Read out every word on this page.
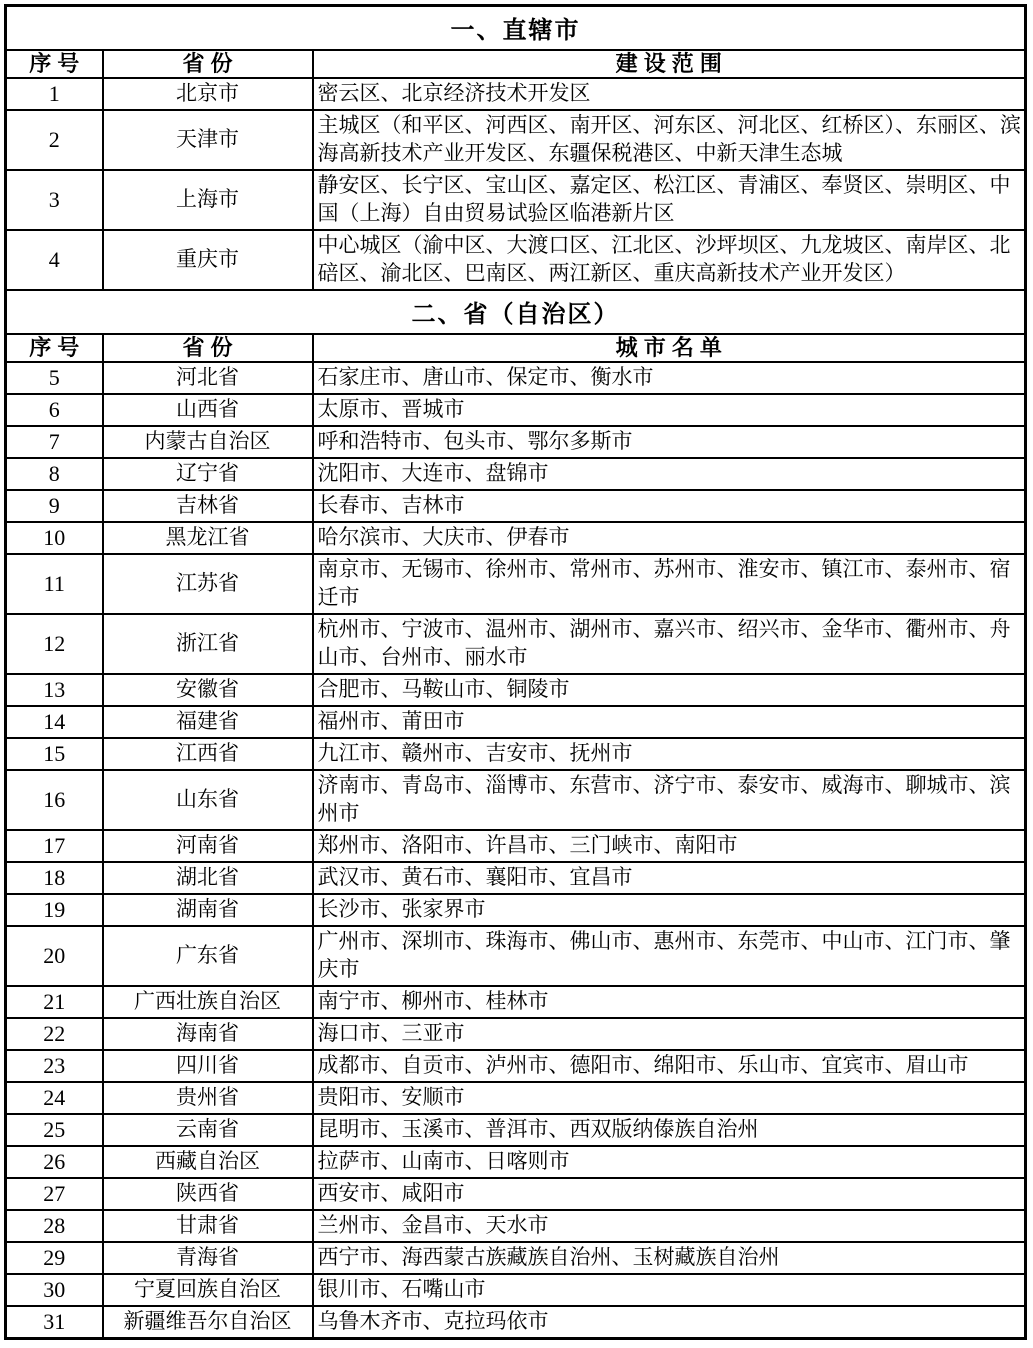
一、直辖市		
序 号	省 份	建 设 范 围
1	北京市	密云区、北京经济技术开发区
2	天津市	主城区（和平区、河西区、南开区、河东区、河北区、红桥区）、东丽区、滨海高新技术产业开发区、东疆保税港区、中新天津生态城
3	上海市	静安区、长宁区、宝山区、嘉定区、松江区、青浦区、奉贤区、崇明区、中国（上海）自由贸易试验区临港新片区
4	重庆市	中心城区（渝中区、大渡口区、江北区、沙坪坝区、九龙坡区、南岸区、北碚区、渝北区、巴南区、两江新区、重庆高新技术产业开发区）
二、省（自治区）		
序 号	省 份	城 市 名 单
5	河北省	石家庄市、唐山市、保定市、衡水市
6	山西省	太原市、晋城市
7	内蒙古自治区	呼和浩特市、包头市、鄂尔多斯市
8	辽宁省	沈阳市、大连市、盘锦市
9	吉林省	长春市、吉林市
10	黑龙江省	哈尔滨市、大庆市、伊春市
11	江苏省	南京市、无锡市、徐州市、常州市、苏州市、淮安市、镇江市、泰州市、宿迁市
12	浙江省	杭州市、宁波市、温州市、湖州市、嘉兴市、绍兴市、金华市、衢州市、舟山市、台州市、丽水市
13	安徽省	合肥市、马鞍山市、铜陵市
14	福建省	福州市、莆田市
15	江西省	九江市、赣州市、吉安市、抚州市
16	山东省	济南市、青岛市、淄博市、东营市、济宁市、泰安市、威海市、聊城市、滨州市
17	河南省	郑州市、洛阳市、许昌市、三门峡市、南阳市
18	湖北省	武汉市、黄石市、襄阳市、宜昌市
19	湖南省	长沙市、张家界市
20	广东省	广州市、深圳市、珠海市、佛山市、惠州市、东莞市、中山市、江门市、肇庆市
21	广西壮族自治区	南宁市、柳州市、桂林市
22	海南省	海口市、三亚市
23	四川省	成都市、自贡市、泸州市、德阳市、绵阳市、乐山市、宜宾市、眉山市
24	贵州省	贵阳市、安顺市
25	云南省	昆明市、玉溪市、普洱市、西双版纳傣族自治州
26	西藏自治区	拉萨市、山南市、日喀则市
27	陕西省	西安市、咸阳市
28	甘肃省	兰州市、金昌市、天水市
29	青海省	西宁市、海西蒙古族藏族自治州、玉树藏族自治州
30	宁夏回族自治区	银川市、石嘴山市
31	新疆维吾尔自治区	乌鲁木齐市、克拉玛依市
